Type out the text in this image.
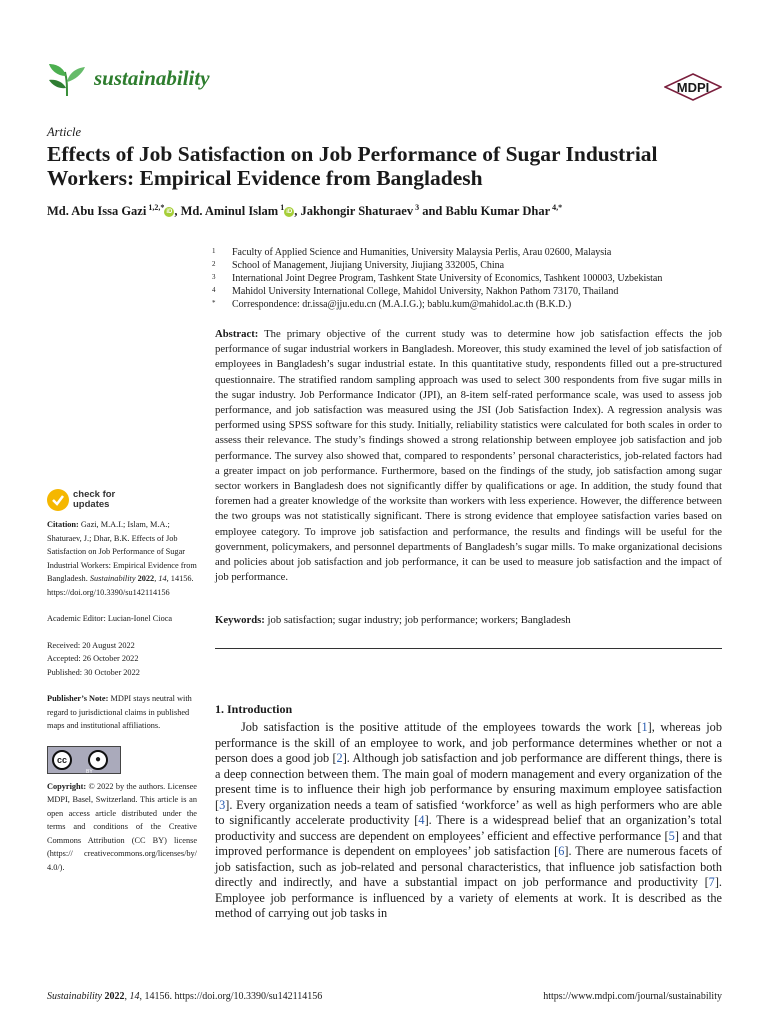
sustainability	MDPI
Article
Effects of Job Satisfaction on Job Performance of Sugar Industrial Workers: Empirical Evidence from Bangladesh
Md. Abu Issa Gazi $^{1,2,*}$iD , Md. Aminul Islam $^1$iD , Jakhongir Shaturaev $^3$ and Bablu Kumar Dhar $^{4,*}$
1	Faculty of Applied Science and Humanities, University Malaysia Perlis, Arau 02600, Malaysia
2	School of Management, Jiujiang University, Jiujiang 332005, China
3	International Joint Degree Program, Tashkent State University of Economics, Tashkent 100003, Uzbekistan
4	Mahidol University International College, Mahidol University, Nakhon Pathom 73170, Thailand
*	Correspondence: dr.issa@jju.edu.cn (M.A.I.G.); bablu.kum@mahidol.ac.th (B.K.D.)
Abstract: The primary objective of the current study was to determine how job satisfaction effects the job performance of sugar industrial workers in Bangladesh. Moreover, this study examined the level of job satisfaction of employees in Bangladesh’s sugar industrial estate. In this quantitative study, respondents filled out a pre-structured questionnaire. The stratified random sampling approach was used to select 300 respondents from five sugar mills in the sugar industry. Job Performance Indicator (JPI), an 8-item self-rated performance scale, was used to assess job performance, and job satisfaction was measured using the JSI (Job Satisfaction Index). A regression analysis was performed using SPSS software for this study. Initially, reliability statistics were calculated for both scales in order to assess their relevance. The study’s findings showed a strong relationship between employee job satisfaction and job performance. The survey also showed that, compared to respondents’ personal characteristics, job-related factors had a greater impact on job performance. Furthermore, based on the findings of the study, job satisfaction among sugar sector workers in Bangladesh does not significantly differ by qualifications or age. In addition, the study found that foremen had a greater knowledge of the worksite than workers with less experience. However, the difference between the two groups was not statistically significant. There is strong evidence that employee satisfaction varies based on employee category. To improve job satisfaction and performance, the results and findings will be useful for the government, policymakers, and personnel departments of Bangladesh’s sugar mills. To make organizational decisions and policies about job satisfaction and job performance, it can be used to measure job satisfaction and the impact of job performance.
Keywords: job satisfaction; sugar industry; job performance; workers; Bangladesh
check for
updates

Citation: Gazi, M.A.I.; Islam, M.A.; Shaturaev, J.; Dhar, B.K. Effects of Job Satisfaction on Job Performance of Sugar Industrial Workers: Empirical Evidence from Bangladesh. Sustainability 2022, 14, 14156. https://doi.org/10.3390/su142114156

Academic Editor: Lucian-Ionel Cioca

Received: 20 August 2022
Accepted: 26 October 2022
Published: 30 October 2022

Publisher’s Note: MDPI stays neutral with regard to jurisdictional claims in published maps and institutional affiliations.

cc	●
BY

Copyright: © 2022 by the authors. Licensee MDPI, Basel, Switzerland. This article is an open access article distributed under the terms and conditions of the Creative Commons Attribution (CC BY) license (https:// creativecommons.org/licenses/by/ 4.0/).

1. Introduction

Job satisfaction is the positive attitude of the employees towards the work [1], whereas job performance is the skill of an employee to work, and job performance determines whether or not a person does a good job [2]. Although job satisfaction and job performance are different things, there is a deep connection between them. The main goal of modern management and every organization of the present time is to influence their high job performance by ensuring maximum employee satisfaction [3]. Every organization needs a team of satisfied ‘workforce’ as well as high performers who are able to significantly accelerate productivity [4]. There is a widespread belief that an organization’s total productivity and success are dependent on employees’ efficient and effective performance [5] and that improved performance is dependent on employees’ job satisfaction [6]. There are numerous facets of job satisfaction, such as job-related and personal characteristics, that influence job satisfaction both directly and indirectly, and have a substantial impact on job performance and productivity [7]. Employee job performance is influenced by a variety of elements at work. It is described as the method of carrying out job tasks in

Sustainability 2022, 14, 14156. https://doi.org/10.3390/su142114156	https://www.mdpi.com/journal/sustainability
